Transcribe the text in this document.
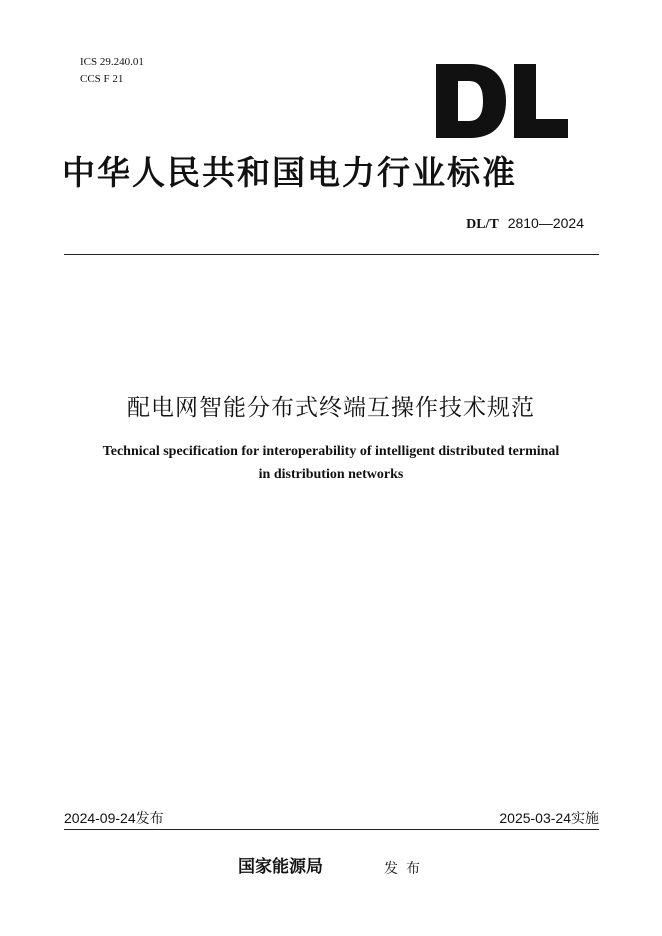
ICS 29.240.01
CCS F 21
中华人民共和国电力行业标准
DL/T 2810—2024
配电网智能分布式终端互操作技术规范
Technical specification for interoperability of intelligent distributed terminal
in distribution networks
2024-09-24发布	2025-03-24实施
国家能源局	发布
